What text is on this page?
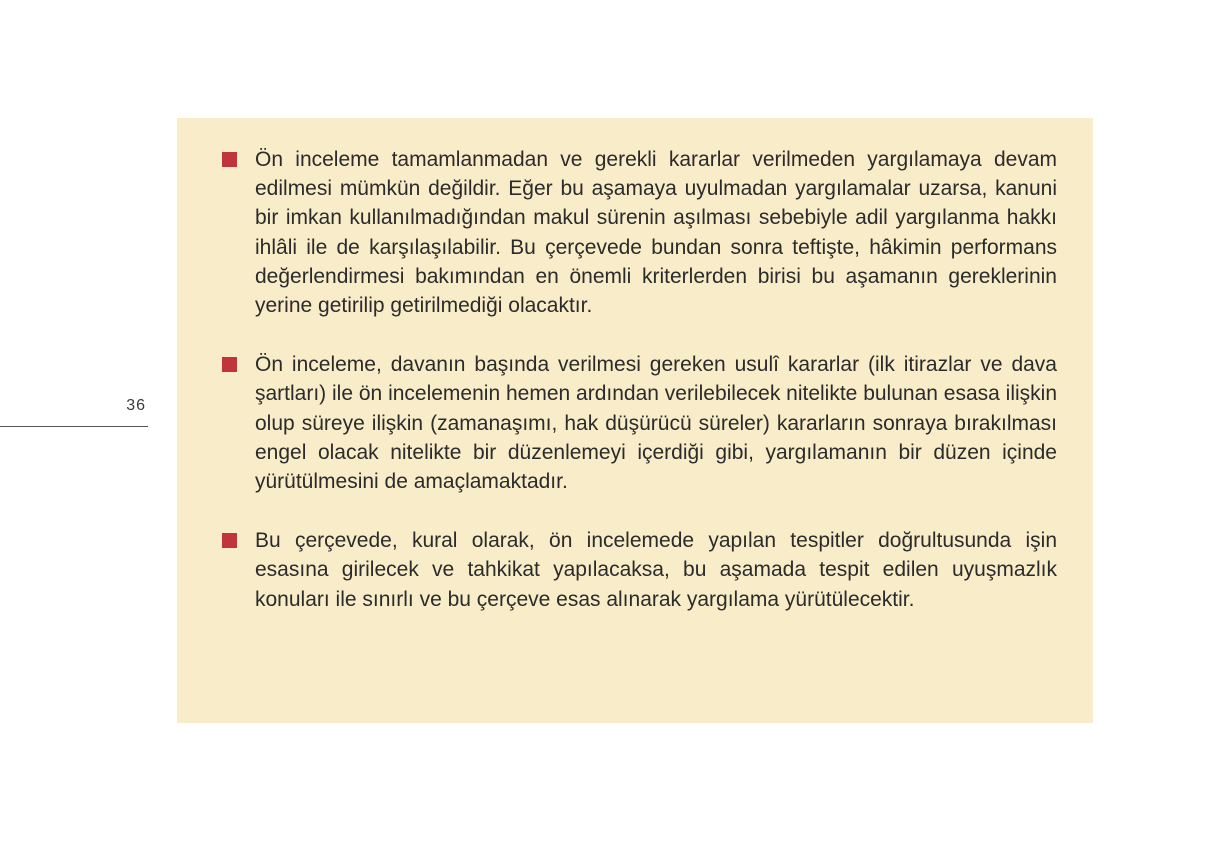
36
Ön inceleme tamamlanmadan ve gerekli kararlar verilmeden yargılamaya devam edilmesi mümkün değildir. Eğer bu aşamaya uyulmadan yargılamalar uzarsa, kanuni bir imkan kullanılmadığından makul sürenin aşılması sebebiyle adil yargılanma hakkı ihlâli ile de karşılaşılabilir. Bu çerçevede bundan sonra teftişte, hâkimin performans değerlendirmesi bakımından en önemli kriterlerden birisi bu aşamanın gereklerinin yerine getirilip getirilmediği olacaktır.
Ön inceleme, davanın başında verilmesi gereken usulî kararlar (ilk itirazlar ve dava şartları) ile ön incelemenin hemen ardından verilebilecek nitelikte bulunan esasa ilişkin olup süreye ilişkin (zamanaşımı, hak düşürücü süreler) kararların sonraya bırakılması engel olacak nitelikte bir düzenlemeyi içerdiği gibi, yargılamanın bir düzen içinde yürütülmesini de amaçlamaktadır.
Bu çerçevede, kural olarak, ön incelemede yapılan tespitler doğrultusunda işin esasına girilecek ve tahkikat yapılacaksa, bu aşamada tespit edilen uyuşmazlık konuları ile sınırlı ve bu çerçeve esas alınarak yargılama yürütülecektir.
